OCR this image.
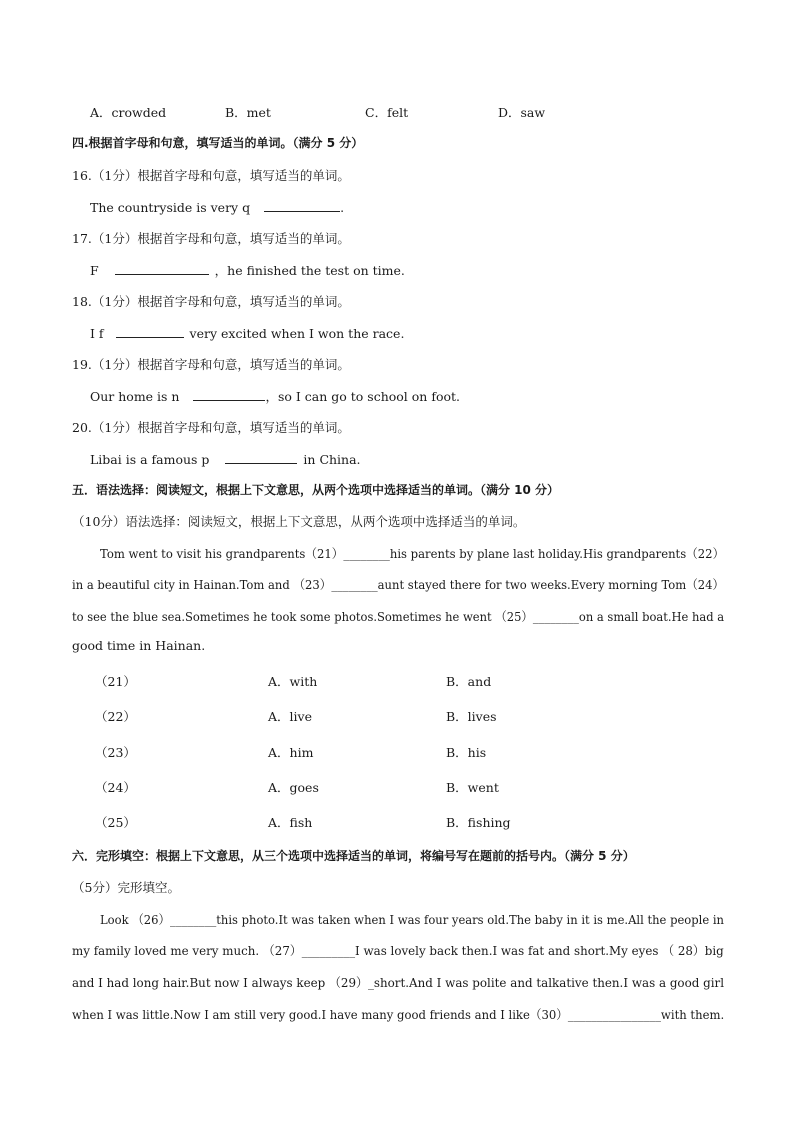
A．crowded	B．met	C．felt	D．saw
四.根据首字母和句意，填写适当的单词。（满分 5 分）
16.（1分）根据首字母和句意，填写适当的单词。
The countryside is very q	.
17.（1分）根据首字母和句意，填写适当的单词。
F	，he finished the test on time.
18.（1分）根据首字母和句意，填写适当的单词。
I f	very excited when I won the race.
19.（1分）根据首字母和句意，填写适当的单词。
Our home is n	，so I can go to school on foot.
20.（1分）根据首字母和句意，填写适当的单词。
Libai is a famous p	in China.
五．语法选择：阅读短文，根据上下文意思，从两个选项中选择适当的单词。（满分 10 分）
（10分）语法选择：阅读短文，根据上下文意思，从两个选项中选择适当的单词。
Tom went to visit his grandparents（21）________his parents by plane last holiday.His grandparents（22）
in a beautiful city in Hainan.Tom and （23）________aunt stayed there for two weeks.Every morning Tom（24）
to see the blue sea.Sometimes he took some photos.Sometimes he went （25）________on a small boat.He had a
good time in Hainan.
（21）	A．with	B．and
（22）	A．live	B．lives
（23）	A．him	B．his
（24）	A．goes	B．went
（25）	A．fish	B．fishing
六．完形填空：根据上下文意思，从三个选项中选择适当的单词，将编号写在题前的括号内。（满分 5 分）
（5分）完形填空。
Look （26）________this photo.It was taken when I was four years old.The baby in it is me.All the people in
my family loved me very much. （27）_________I was lovely back then.I was fat and short.My eyes （ 28）big
and I had long hair.But now I always keep （29）_short.And I was polite and talkative then.I was a good girl
when I was little.Now I am still very good.I have many good friends and I like（30）________________with them.
